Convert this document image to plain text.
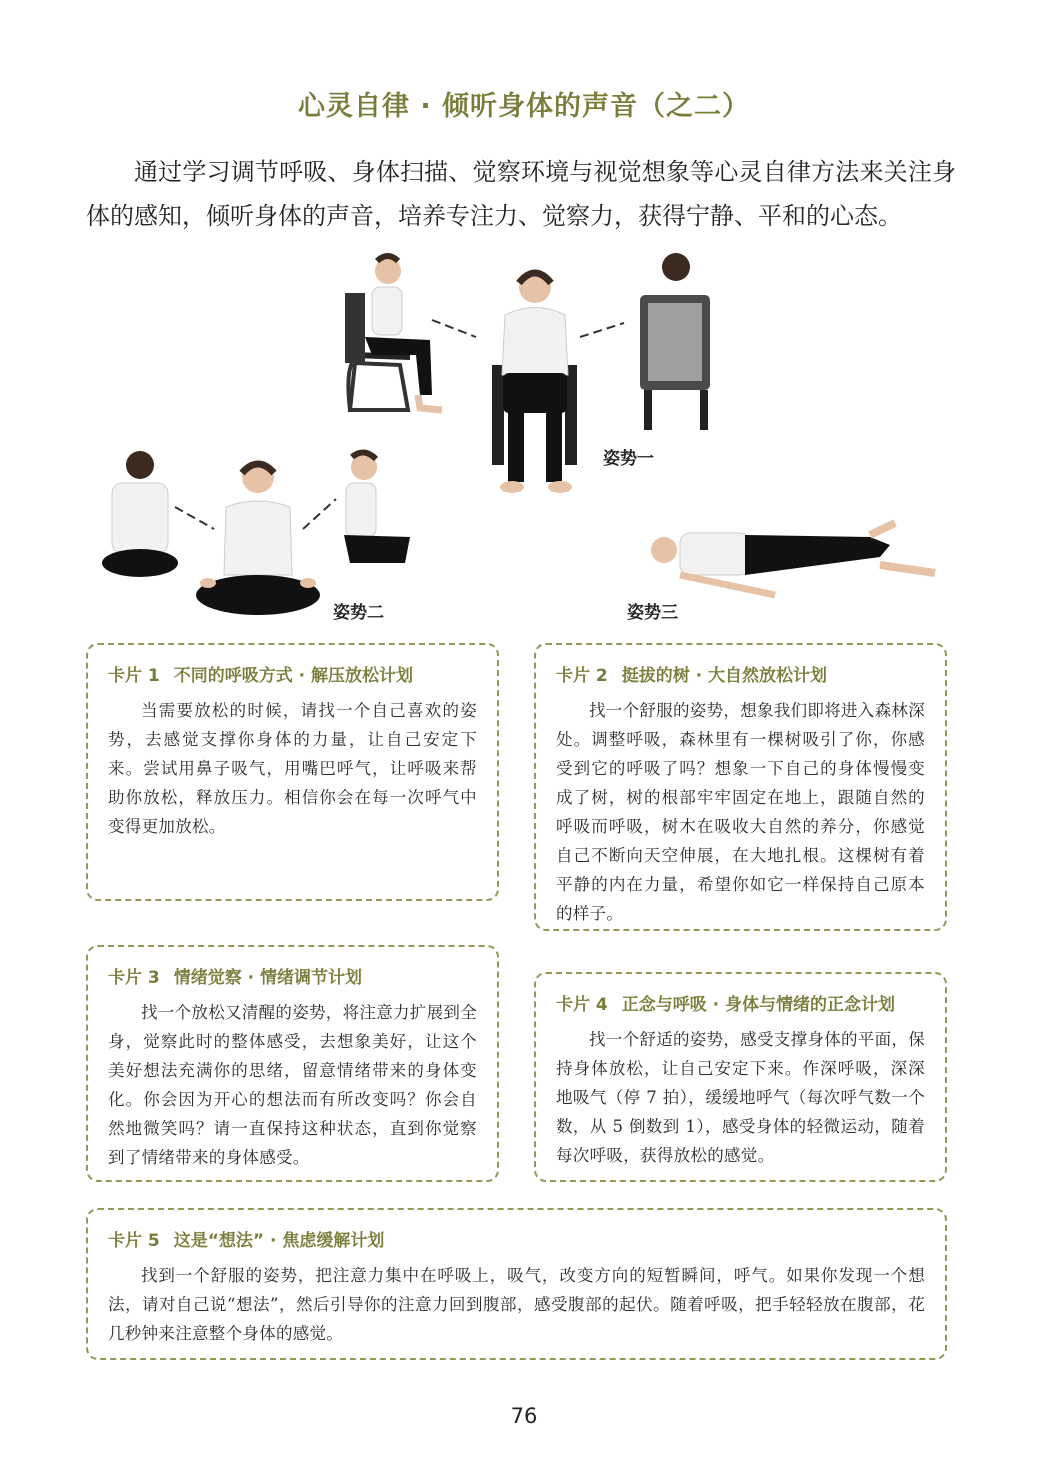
心灵自律 · 倾听身体的声音（之二）
通过学习调节呼吸、身体扫描、觉察环境与视觉想象等心灵自律方法来关注身体的感知，倾听身体的声音，培养专注力、觉察力，获得宁静、平和的心态。
姿势一
姿势二	姿势三
卡片 1 不同的呼吸方式 · 解压放松计划
当需要放松的时候，请找一个自己喜欢的姿势，去感觉支撑你身体的力量，让自己安定下来。尝试用鼻子吸气，用嘴巴呼气，让呼吸来帮助你放松，释放压力。相信你会在每一次呼气中变得更加放松。
卡片 2 挺拔的树 · 大自然放松计划
找一个舒服的姿势，想象我们即将进入森林深处。调整呼吸，森林里有一棵树吸引了你，你感受到它的呼吸了吗？想象一下自己的身体慢慢变成了树，树的根部牢牢固定在地上，跟随自然的呼吸而呼吸，树木在吸收大自然的养分，你感觉自己不断向天空伸展，在大地扎根。这棵树有着平静的内在力量，希望你如它一样保持自己原本的样子。
卡片 3 情绪觉察 · 情绪调节计划
找一个放松又清醒的姿势，将注意力扩展到全身，觉察此时的整体感受，去想象美好，让这个美好想法充满你的思绪，留意情绪带来的身体变化。你会因为开心的想法而有所改变吗？你会自然地微笑吗？请一直保持这种状态，直到你觉察到了情绪带来的身体感受。
卡片 4 正念与呼吸 · 身体与情绪的正念计划
找一个舒适的姿势，感受支撑身体的平面，保持身体放松，让自己安定下来。作深呼吸，深深地吸气（停 7 拍），缓缓地呼气（每次呼气数一个数，从 5 倒数到 1），感受身体的轻微运动，随着每次呼吸，获得放松的感觉。
卡片 5 这是“想法” · 焦虑缓解计划
找到一个舒服的姿势，把注意力集中在呼吸上，吸气，改变方向的短暂瞬间，呼气。如果你发现一个想法，请对自己说“想法”，然后引导你的注意力回到腹部，感受腹部的起伏。随着呼吸，把手轻轻放在腹部，花几秒钟来注意整个身体的感觉。
76
